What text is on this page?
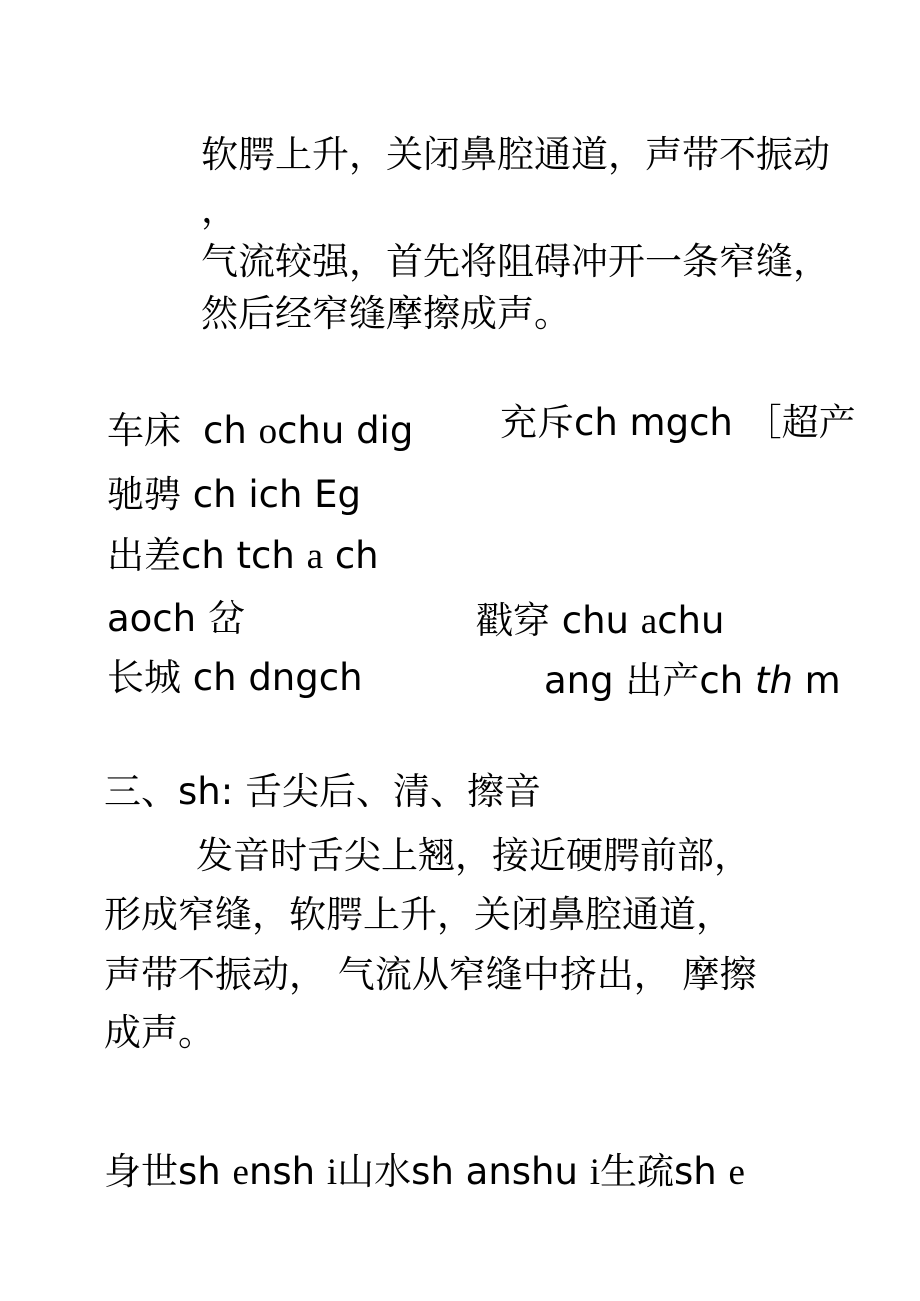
软腭上升，关闭鼻腔通道，声带不振动
，
气流较强，首先将阻碍冲开一条窄缝，
然后经窄缝摩擦成声。
车床 ch ochu dig 充斥ch mgch ［超产
驰骋 ch ich Eg
出差ch tch a ch
aoch 岔	戳穿 chu achu
长城 ch dngch	ang 出产ch th m
三、sh: 舌尖后、清、擦音
发音时舌尖上翘，接近硬腭前部，
形成窄缝，软腭上升，关闭鼻腔通道，
声带不振动， 气流从窄缝中挤出， 摩擦
成声。
身世sh ensh i山水sh anshu i生疏sh e
